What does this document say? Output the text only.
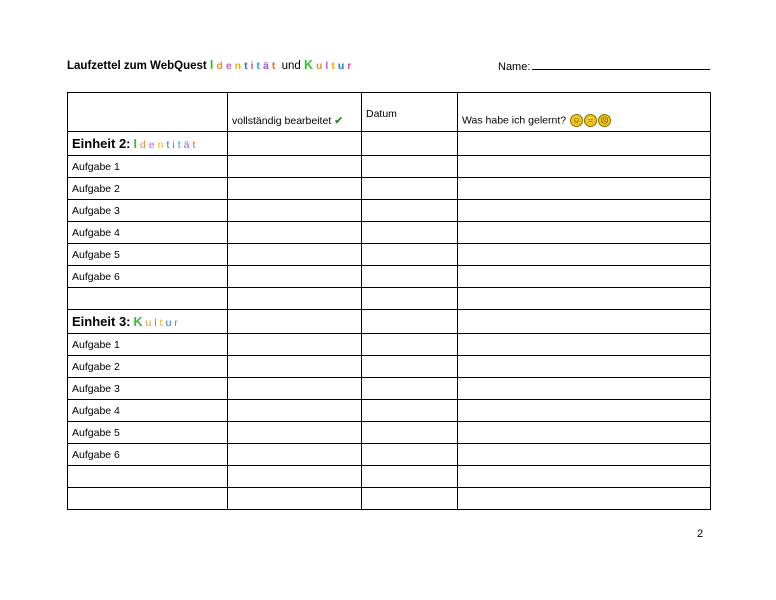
Laufzettel zum WebQuest I d e n t i t ä t und K u l t u r	Name:
	vollständig bearbeitet ✔	Datum	Was habe ich gelernt? ☺ 😐 ☹
Einheit 2: I d e n t i t ä t			
Aufgabe 1			
Aufgabe 2			
Aufgabe 3			
Aufgabe 4			
Aufgabe 5			
Aufgabe 6			

Einheit 3: K u l t u r			
Aufgabe 1			
Aufgabe 2			
Aufgabe 3			
Aufgabe 4			
Aufgabe 5			
Aufgabe 6			

2
